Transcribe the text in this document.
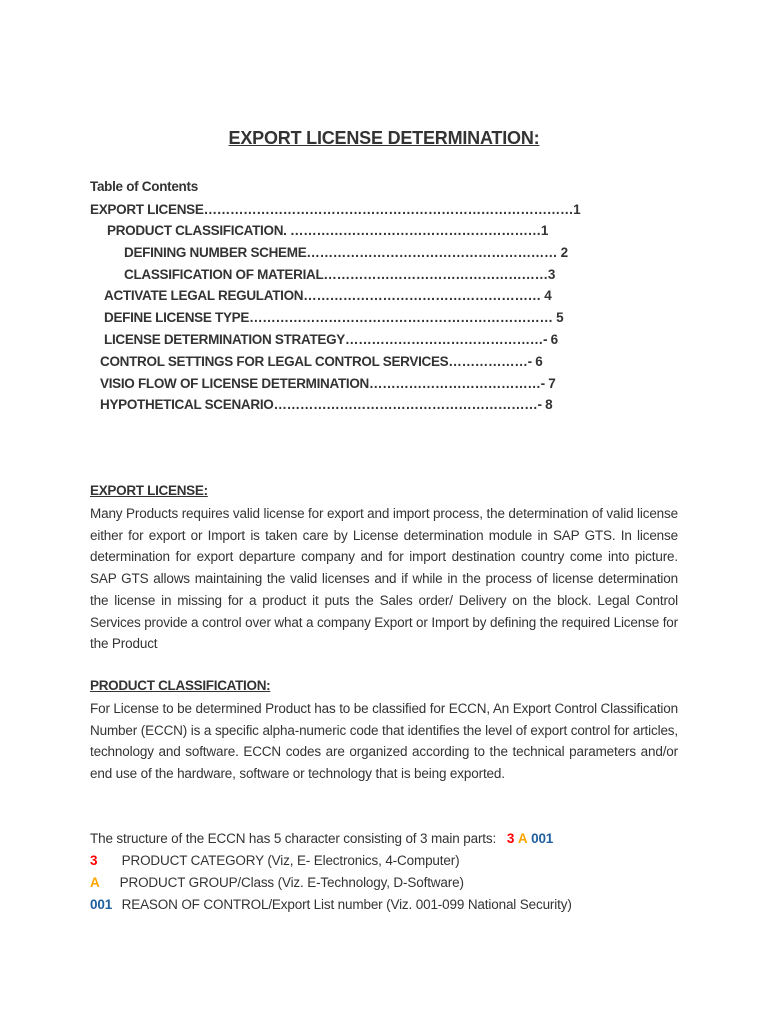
EXPORT LICENSE DETERMINATION:
Table of Contents
EXPORT LICENSE…………………………………………………………………………1
PRODUCT CLASSIFICATION. …………………………………………………1
DEFINING NUMBER SCHEME………………………………………………… 2
CLASSIFICATION OF MATERIAL……………………………………………3
ACTIVATE LEGAL REGULATION……………………………………………… 4
DEFINE LICENSE TYPE…………………………………………………………… 5
LICENSE DETERMINATION STRATEGY………………………………………- 6
CONTROL SETTINGS FOR LEGAL CONTROL SERVICES………………- 6
VISIO FLOW OF LICENSE DETERMINATION…………………………………- 7
HYPOTHETICAL SCENARIO……………………………………………………- 8
EXPORT LICENSE:
Many Products requires valid license for export and import process, the determination of valid license either for export or Import is taken care by License determination module in SAP GTS. In license determination for export departure company and for import destination country come into picture. SAP GTS allows maintaining the valid licenses and if while in the process of license determination the license in missing for a product it puts the Sales order/ Delivery on the block. Legal Control Services provide a control over what a company Export or Import by defining the required License for the Product
PRODUCT CLASSIFICATION:
For License to be determined Product has to be classified for ECCN, An Export Control Classification Number (ECCN) is a specific alpha-numeric code that identifies the level of export control for articles, technology and software. ECCN codes are organized according to the technical parameters and/or end use of the hardware, software or technology that is being exported.
The structure of the ECCN has 5 character consisting of 3 main parts: 3 A 001
3 PRODUCT CATEGORY (Viz, E- Electronics, 4-Computer)
A PRODUCT GROUP/Class (Viz. E-Technology, D-Software)
001 REASON OF CONTROL/Export List number (Viz. 001-099 National Security)
